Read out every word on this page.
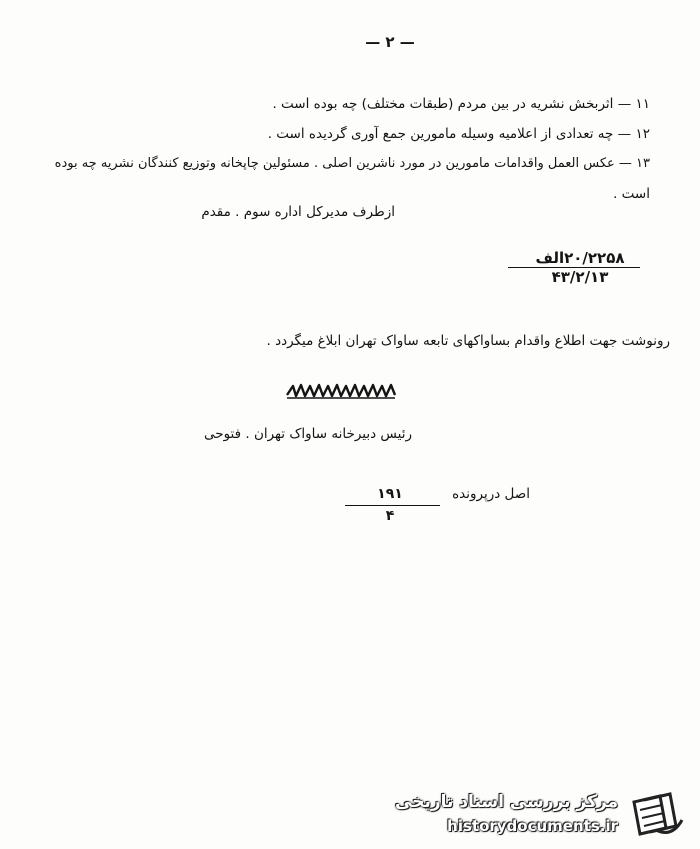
— ۲ —
۱۱ — اثربخش نشریه در بین مردم (طبقات مختلف) چه بوده است .
۱۲ — چه تعدادی از اعلامیه وسیله مامورین جمع آوری گردیده است .
۱۳ — عکس العمل واقدامات مامورین در مورد ناشرین اصلی . مسئولین چاپخانه وتوزیع کنندگان نشریه چه بوده
است .
ازطرف مدیرکل اداره سوم . مقدم
۲۰/۲۲۵۸الف
۴۳/۲/۱۳
رونوشت جهت اطلاع واقدام بساواکهای تابعه ساواک تهران ابلاغ میگردد .
رئیس دبیرخانه ساواک تهران . فتوحی
اصل درپرونده
۱۹۱
۴
مرکز بررسی اسناد تاریخی
historydocuments.ir
